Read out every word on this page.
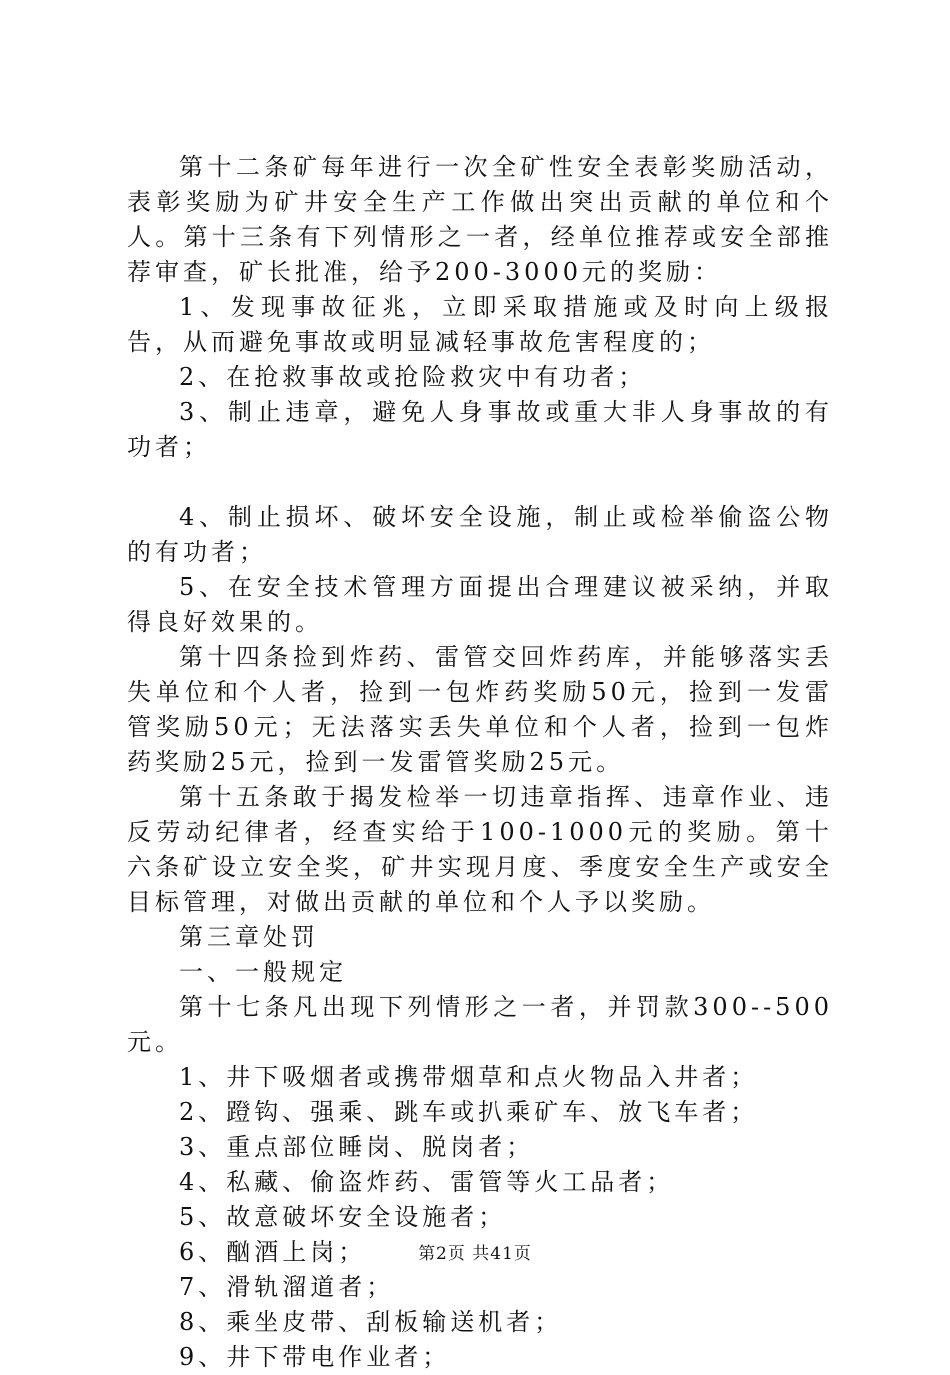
第十二条矿每年进行一次全矿性安全表彰奖励活动，表彰奖励为矿井安全生产工作做出突出贡献的单位和个人。第十三条有下列情形之一者，经单位推荐或安全部推荐审查，矿长批准，给予200-3000元的奖励：

1、发现事故征兆，立即采取措施或及时向上级报告，从而避免事故或明显减轻事故危害程度的；

2、在抢救事故或抢险救灾中有功者；

3、制止违章，避免人身事故或重大非人身事故的有功者；

4、制止损坏、破坏安全设施，制止或检举偷盗公物的有功者；

5、在安全技术管理方面提出合理建议被采纳，并取得良好效果的。

第十四条捡到炸药、雷管交回炸药库，并能够落实丢失单位和个人者，捡到一包炸药奖励50元，捡到一发雷管奖励50元；无法落实丢失单位和个人者，捡到一包炸药奖励25元，捡到一发雷管奖励25元。

第十五条敢于揭发检举一切违章指挥、违章作业、违反劳动纪律者，经查实给于100-1000元的奖励。第十六条矿设立安全奖，矿井实现月度、季度安全生产或安全目标管理，对做出贡献的单位和个人予以奖励。

第三章处罚

一、一般规定

第十七条凡出现下列情形之一者，并罚款300--500元。

1、井下吸烟者或携带烟草和点火物品入井者；

2、蹬钩、强乘、跳车或扒乘矿车、放飞车者；

3、重点部位睡岗、脱岗者；

4、私藏、偷盗炸药、雷管等火工品者；

5、故意破坏安全设施者；

6、酗酒上岗；

7、滑轨溜道者；

8、乘坐皮带、刮板输送机者；

9、井下带电作业者；

第2页 共41页
